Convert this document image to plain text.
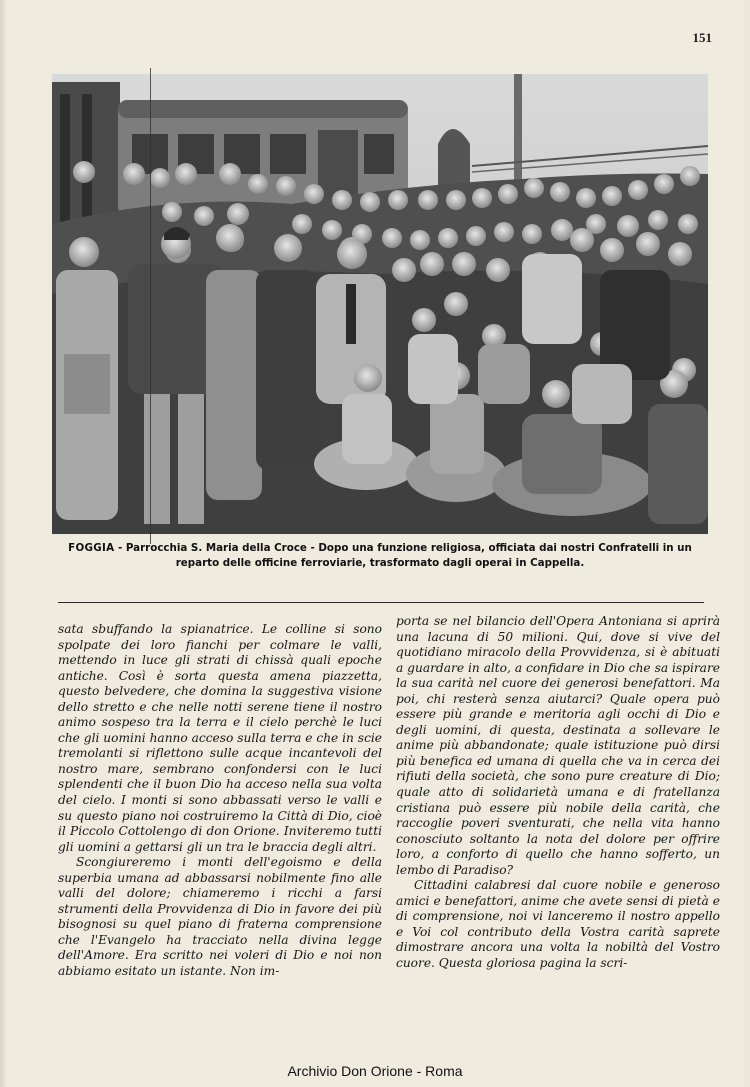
151
FOGGIA - Parrocchia S. Maria della Croce - Dopo una funzione religiosa, officiata dai nostri Confratelli in un reparto delle officine ferroviarie, trasformato dagli operai in Cappella.

sata sbuffando la spianatrice. Le colline si sono spolpate dei loro fianchi per colmare le valli, mettendo in luce gli strati di chissà quali epoche antiche. Così è sorta questa amena piazzetta, questo belvedere, che domina la suggestiva visione dello stretto e che nelle notti serene tiene il nostro animo sospeso tra la terra e il cielo perchè le luci che gli uomini hanno acceso sulla terra e che in scie tremolanti si riflettono sulle acque incantevoli del nostro mare, sembrano confondersi con le luci splendenti che il buon Dio ha acceso nella sua volta del cielo. I monti si sono abbassati verso le valli e su questo piano noi costruiremo la Città di Dio, cioè il Piccolo Cottolengo di don Orione. Inviteremo tutti gli uomini a gettarsi gli un tra le braccia degli altri.

Scongiureremo i monti dell'egoismo e della superbia umana ad abbassarsi nobilmente fino alle valli del dolore; chiameremo i ricchi a farsi strumenti della Provvidenza di Dio in favore dei più bisognosi su quel piano di fraterna comprensione che l'Evangelo ha tracciato nella divina legge dell'Amore. Era scritto nei voleri di Dio e noi non abbiamo esitato un istante. Non im-

porta se nel bilancio dell'Opera Antoniana si aprirà una lacuna di 50 milioni. Qui, dove si vive del quotidiano miracolo della Provvidenza, si è abituati a guardare in alto, a confidare in Dio che sa ispirare la sua carità nel cuore dei generosi benefattori. Ma poi, chi resterà senza aiutarci? Quale opera può essere più grande e meritoria agli occhi di Dio e degli uomini, di questa, destinata a sollevare le anime più abbandonate; quale istituzione può dirsi più benefica ed umana di quella che va in cerca dei rifiuti della società, che sono pure creature di Dio; quale atto di solidarietà umana e di fratellanza cristiana può essere più nobile della carità, che raccoglie poveri sventurati, che nella vita hanno conosciuto soltanto la nota del dolore per offrire loro, a conforto di quello che hanno sofferto, un lembo di Paradiso?

Cittadini calabresi dal cuore nobile e generoso amici e benefattori, anime che avete sensi di pietà e di comprensione, noi vi lanceremo il nostro appello e Voi col contributo della Vostra carità saprete dimostrare ancora una volta la nobiltà del Vostro cuore. Questa gloriosa pagina la scri-

Archivio Don Orione - Roma
